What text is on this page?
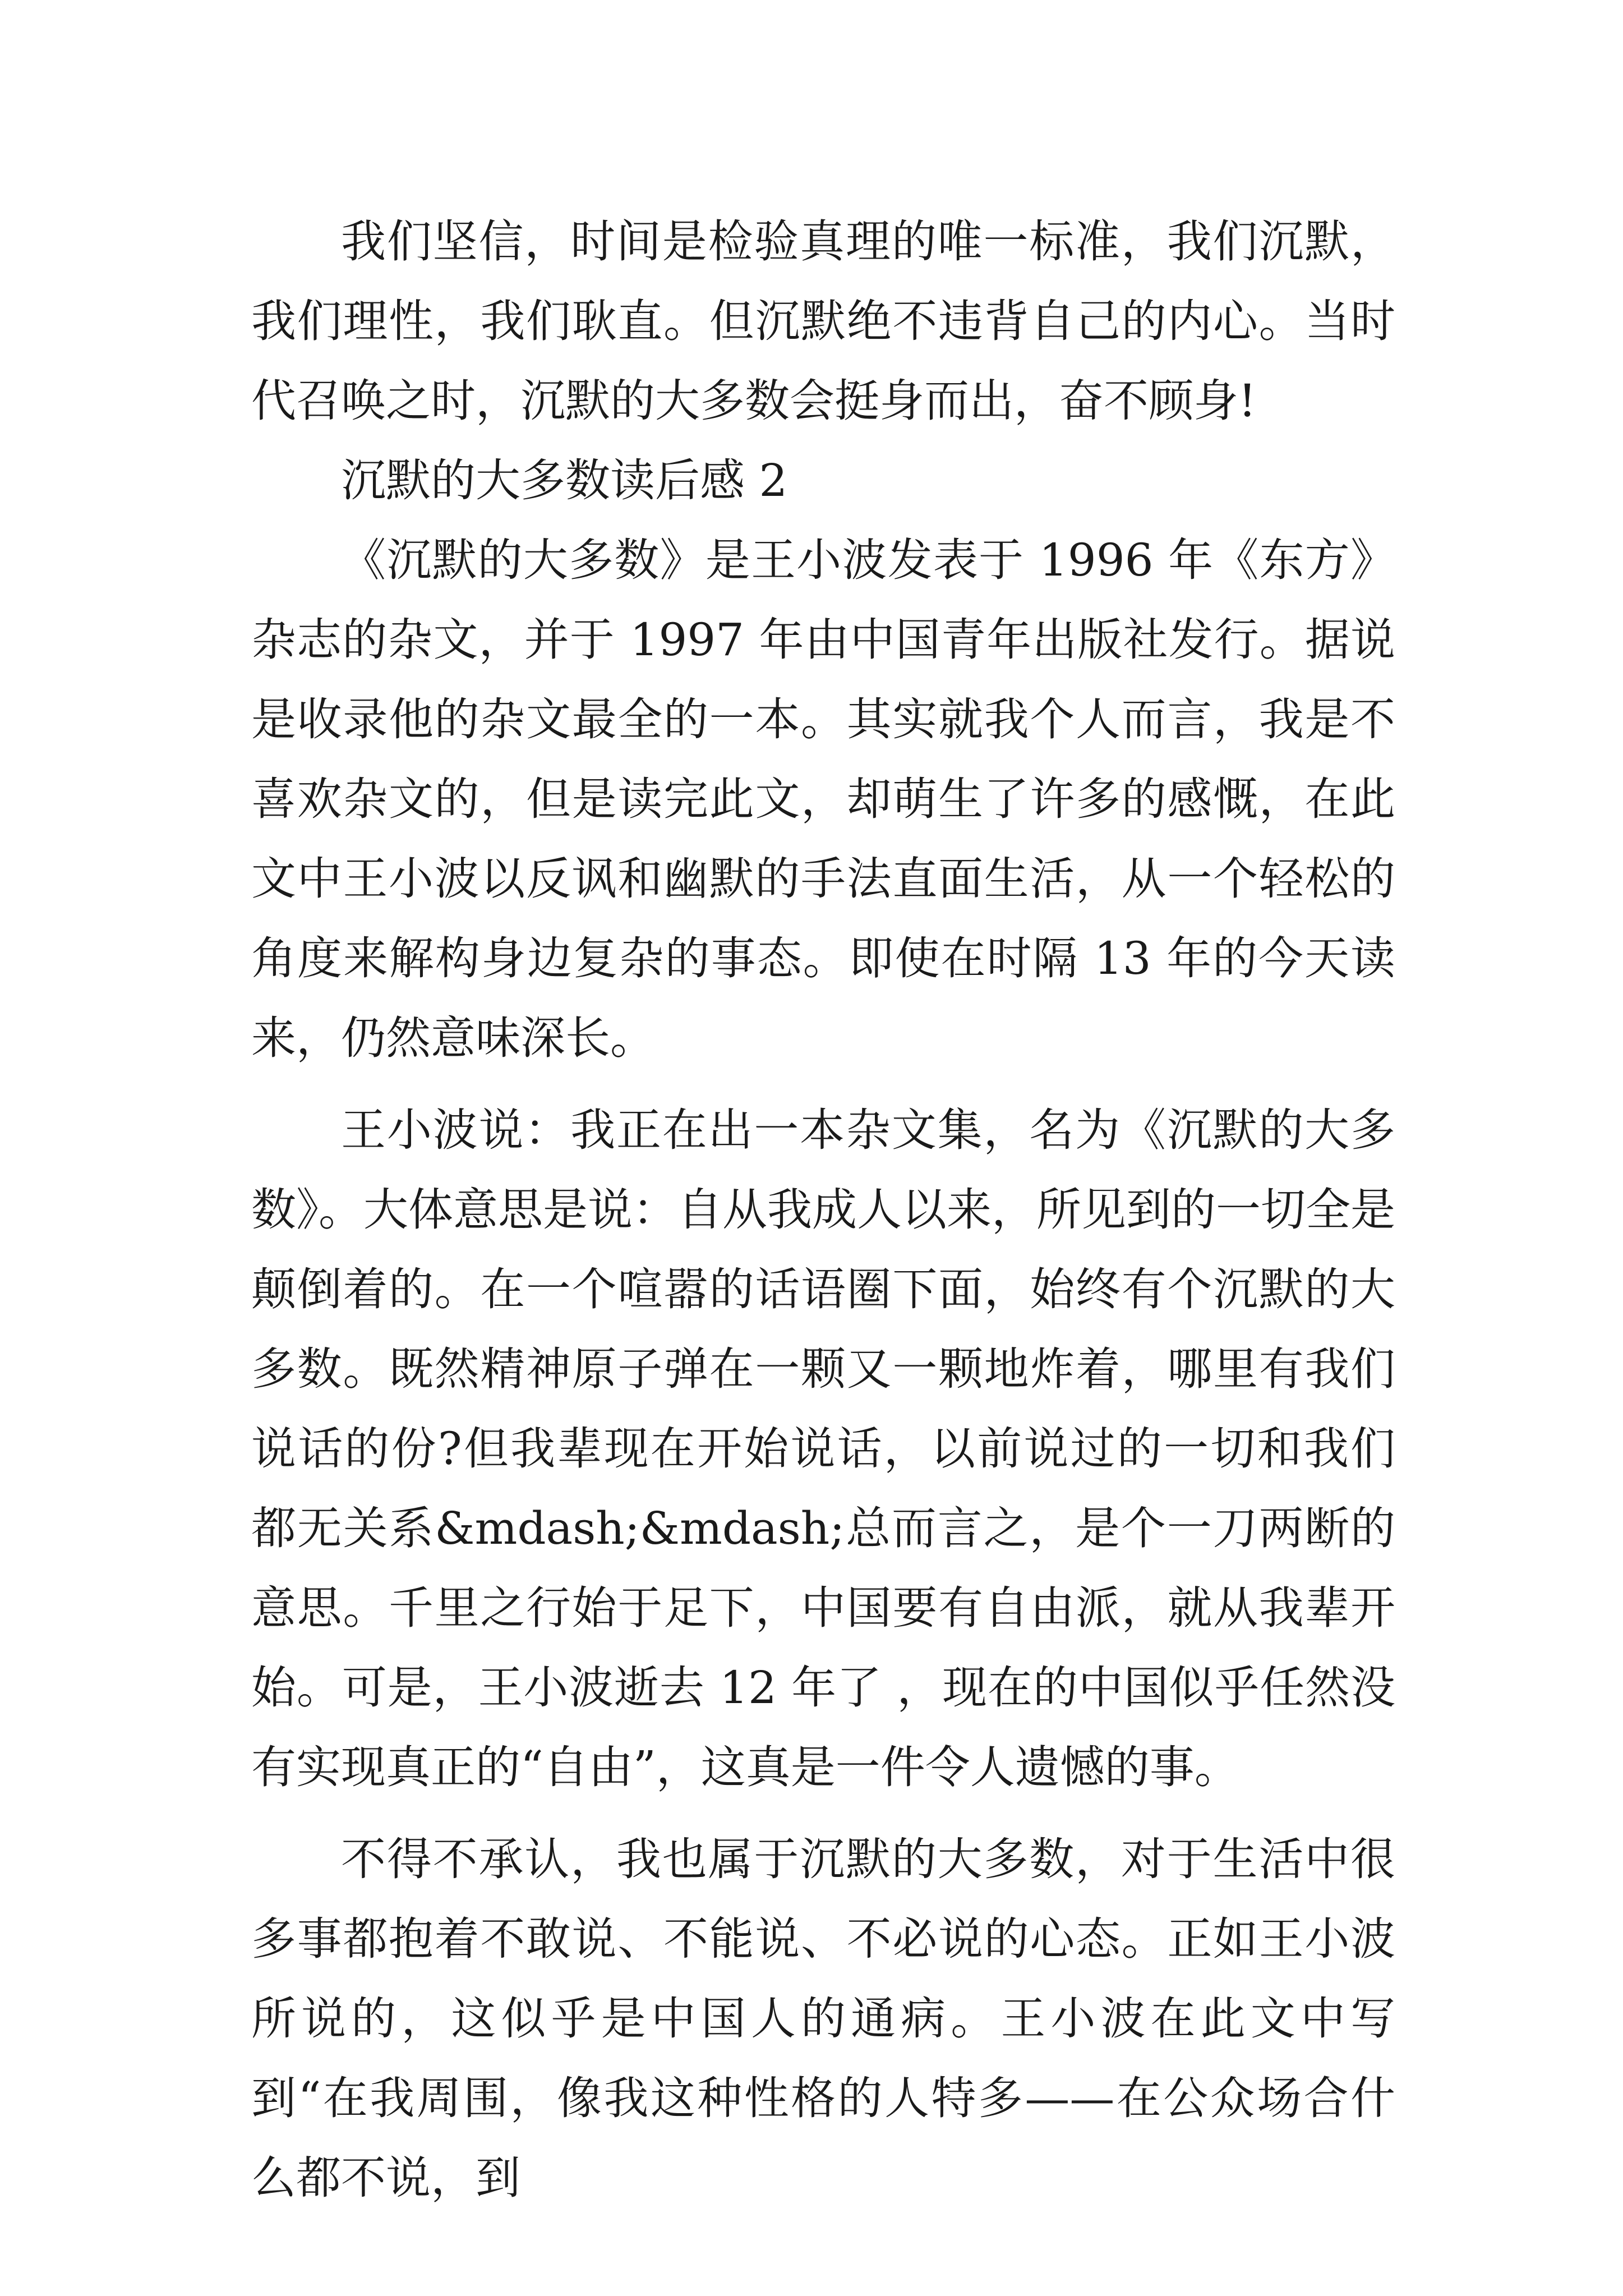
我们坚信，时间是检验真理的唯一标准，我们沉默，我们理性，我们耿直。但沉默绝不违背自己的内心。当时代召唤之时，沉默的大多数会挺身而出，奋不顾身!

沉默的大多数读后感 2

《沉默的大多数》是王小波发表于 1996 年《东方》杂志的杂文，并于 1997 年由中国青年出版社发行。据说是收录他的杂文最全的一本。其实就我个人而言，我是不喜欢杂文的，但是读完此文，却萌生了许多的感慨，在此文中王小波以反讽和幽默的手法直面生活，从一个轻松的角度来解构身边复杂的事态。即使在时隔 13 年的今天读来，仍然意味深长。

王小波说：我正在出一本杂文集，名为《沉默的大多数》。大体意思是说：自从我成人以来，所见到的一切全是颠倒着的。在一个喧嚣的话语圈下面，始终有个沉默的大多数。既然精神原子弹在一颗又一颗地炸着，哪里有我们说话的份?但我辈现在开始说话，以前说过的一切和我们都无关系&mdash;&mdash;总而言之，是个一刀两断的意思。千里之行始于足下，中国要有自由派，就从我辈开始。可是，王小波逝去 12 年了 ，现在的中国似乎任然没有实现真正的“自由”，这真是一件令人遗憾的事。

不得不承认，我也属于沉默的大多数，对于生活中很多事都抱着不敢说、不能说、不必说的心态。正如王小波所说的，这似乎是中国人的通病。王小波在此文中写到“在我周围，像我这种性格的人特多——在公众场合什么都不说，到
